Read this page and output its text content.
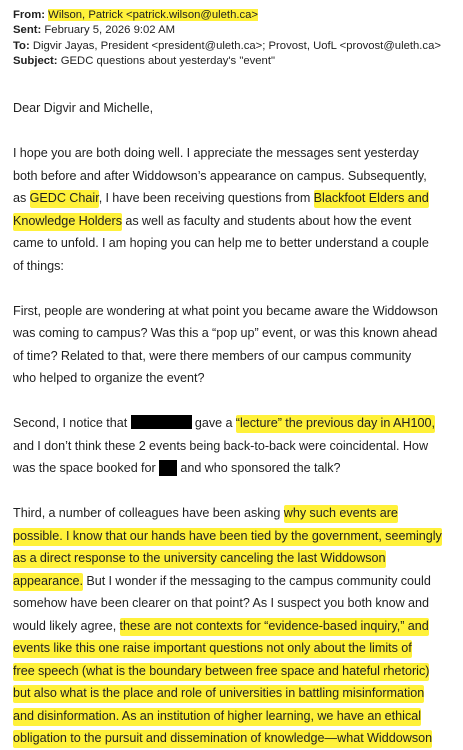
From: Wilson, Patrick <patrick.wilson@uleth.ca>
Sent: February 5, 2026 9:02 AM
To: Digvir Jayas, President <president@uleth.ca>; Provost, UofL <provost@uleth.ca>
Subject: GEDC questions about yesterday's "event"
Dear Digvir and Michelle,
I hope you are both doing well. I appreciate the messages sent yesterday
both before and after Widdowson’s appearance on campus. Subsequently,
as GEDC Chair, I have been receiving questions from Blackfoot Elders and
Knowledge Holders as well as faculty and students about how the event
came to unfold. I am hoping you can help me to better understand a couple
of things:
First, people are wondering at what point you became aware the Widdowson
was coming to campus? Was this a “pop up” event, or was this known ahead
of time? Related to that, were there members of our campus community
who helped to organize the event?
Second, I notice that	gave a “lecture” the previous day in AH100,
and I don’t think these 2 events being back-to-back were coincidental. How
was the space booked for  and who sponsored the talk?
Third, a number of colleagues have been asking why such events are
possible. I know that our hands have been tied by the government, seemingly
as a direct response to the university canceling the last Widdowson
appearance. But I wonder if the messaging to the campus community could
somehow have been clearer on that point? As I suspect you both know and
would likely agree, these are not contexts for “evidence-based inquiry,” and
events like this one raise important questions not only about the limits of
free speech (what is the boundary between free space and hateful rhetoric)
but also what is the place and role of universities in battling misinformation
and disinformation. As an institution of higher learning, we have an ethical
obligation to the pursuit and dissemination of knowledge—what Widdowson
